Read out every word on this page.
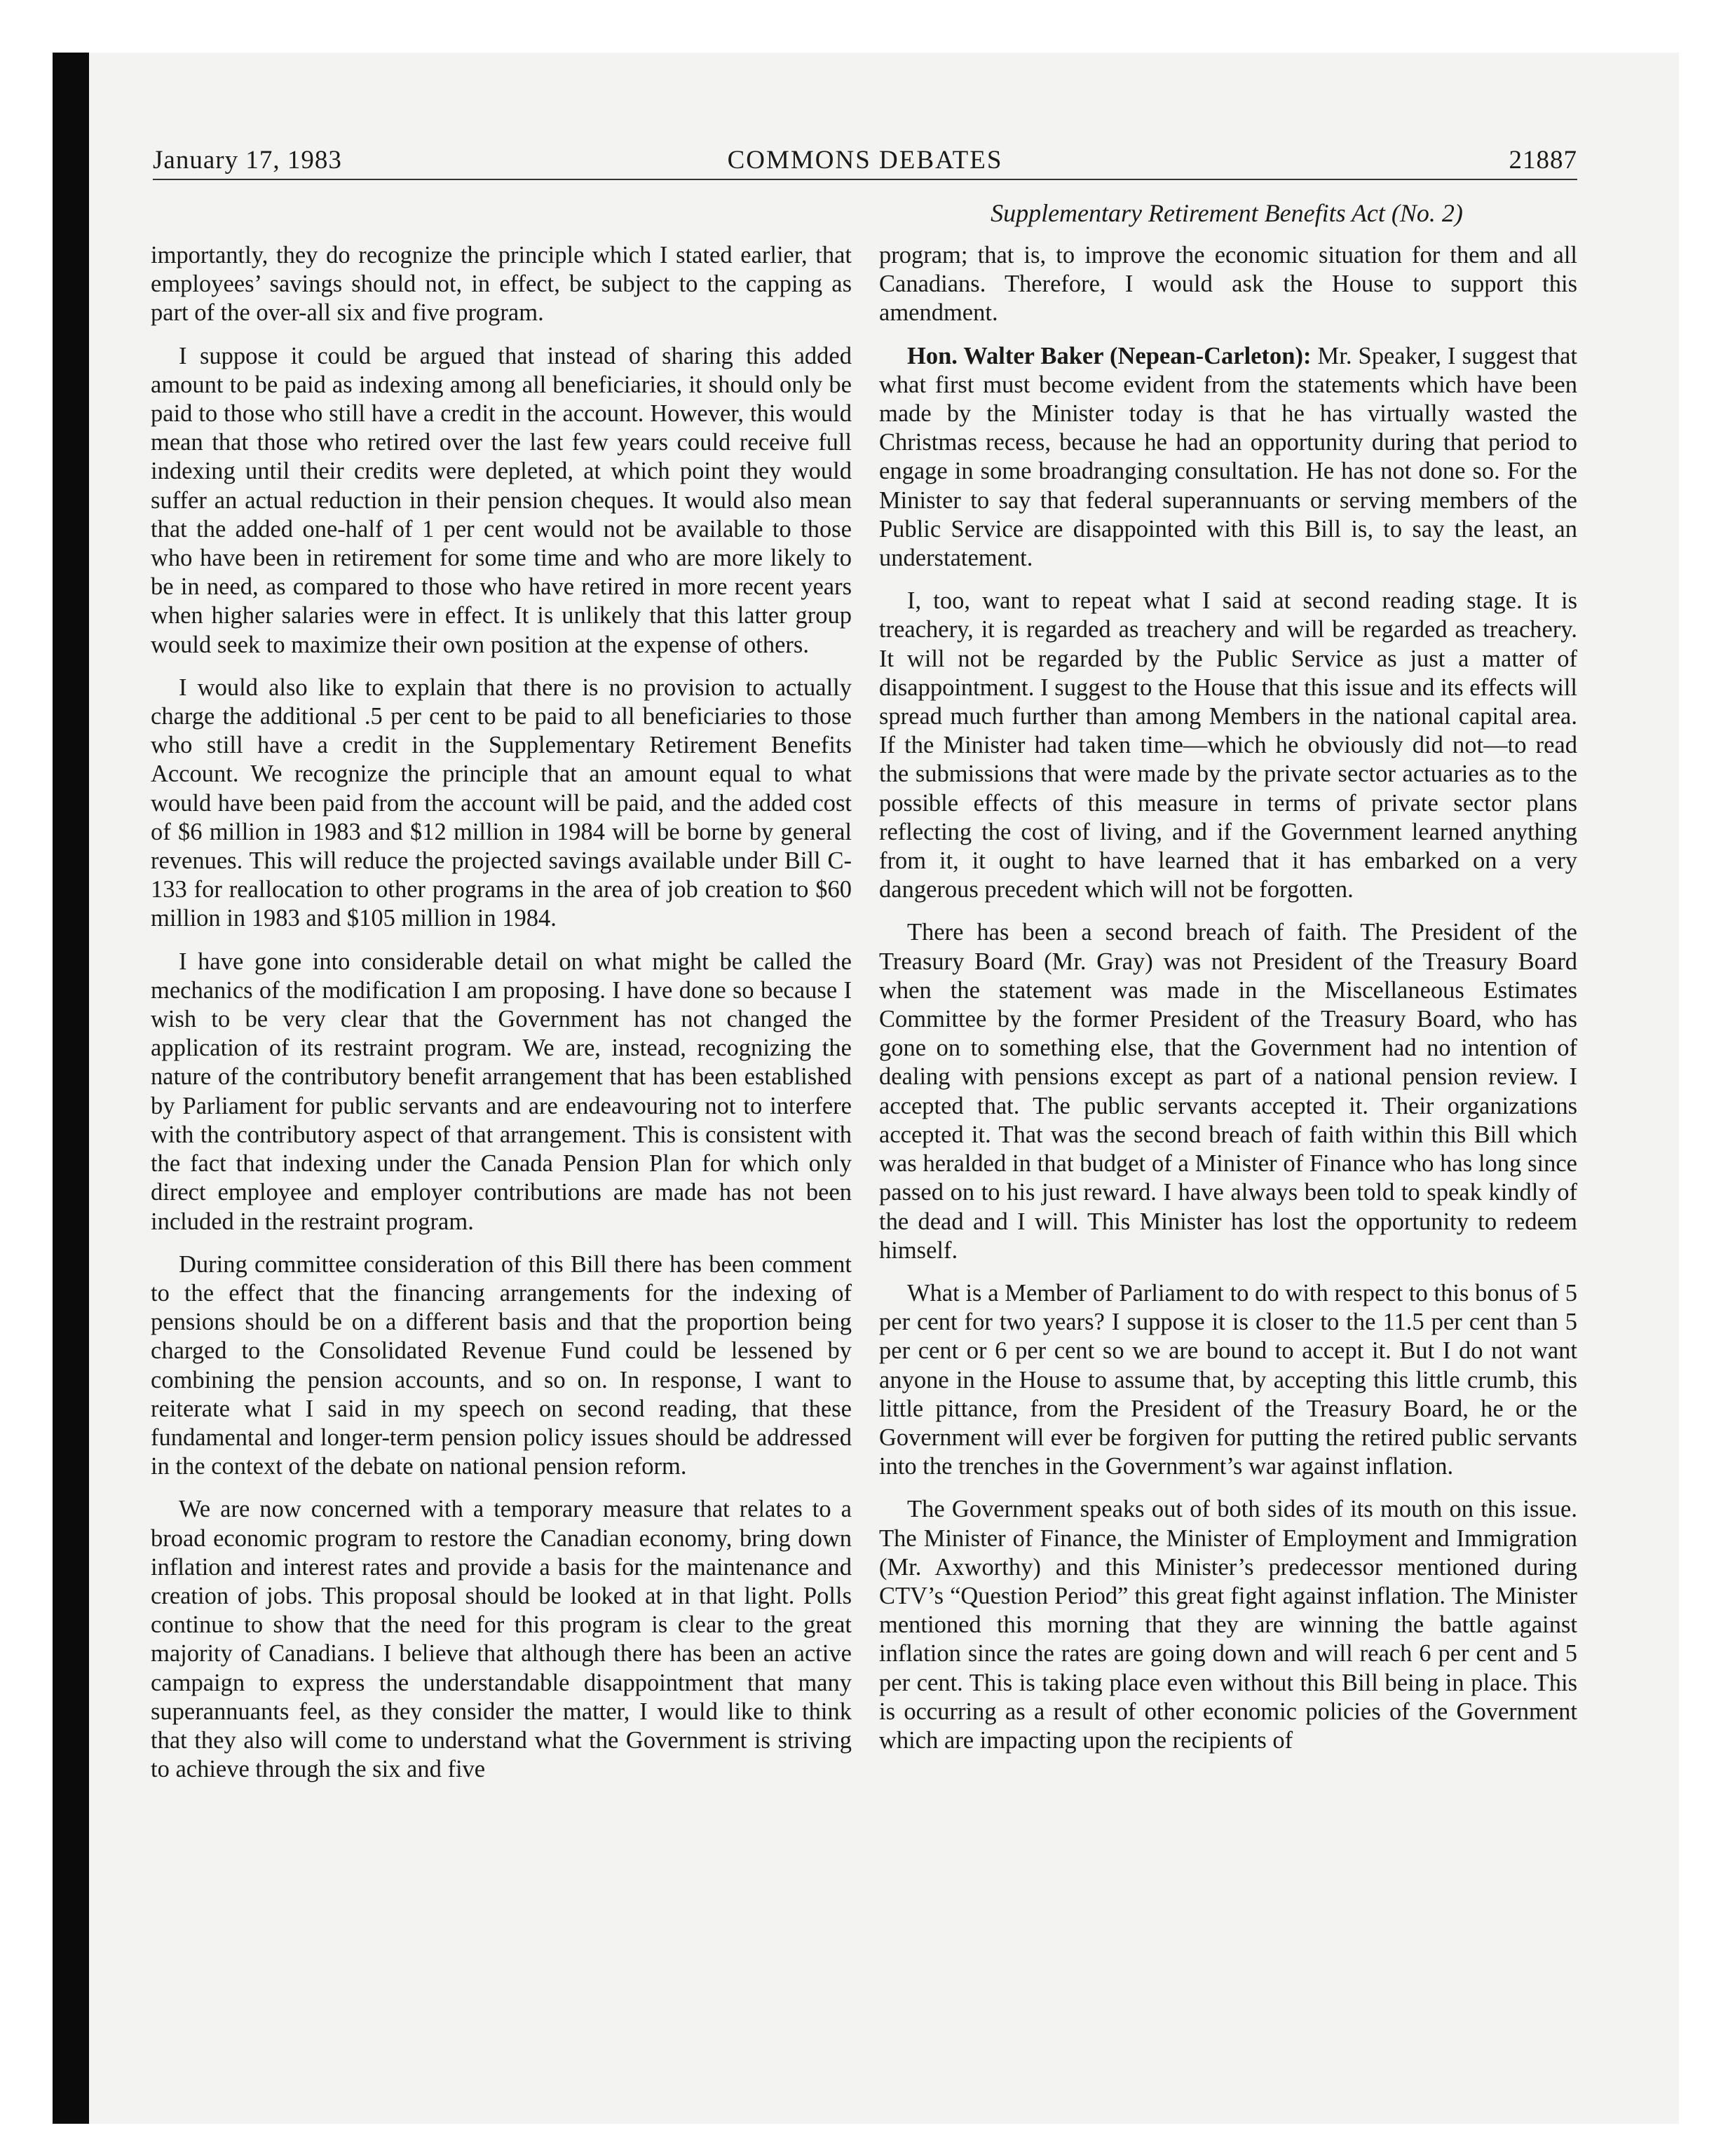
January 17, 1983	COMMONS DEBATES	21887
Supplementary Retirement Benefits Act (No. 2)

importantly, they do recognize the principle which I stated earlier, that employees’ savings should not, in effect, be subject to the capping as part of the over-all six and five program.

I suppose it could be argued that instead of sharing this added amount to be paid as indexing among all beneficiaries, it should only be paid to those who still have a credit in the account. However, this would mean that those who retired over the last few years could receive full indexing until their credits were depleted, at which point they would suffer an actual reduction in their pension cheques. It would also mean that the added one-half of 1 per cent would not be available to those who have been in retirement for some time and who are more likely to be in need, as compared to those who have retired in more recent years when higher salaries were in effect. It is unlikely that this latter group would seek to maximize their own position at the expense of others.

I would also like to explain that there is no provision to actually charge the additional .5 per cent to be paid to all beneficiaries to those who still have a credit in the Supplementary Retirement Benefits Account. We recognize the principle that an amount equal to what would have been paid from the account will be paid, and the added cost of $6 million in 1983 and $12 million in 1984 will be borne by general revenues. This will reduce the projected savings available under Bill C-133 for reallocation to other programs in the area of job creation to $60 million in 1983 and $105 million in 1984.

I have gone into considerable detail on what might be called the mechanics of the modification I am proposing. I have done so because I wish to be very clear that the Government has not changed the application of its restraint program. We are, instead, recognizing the nature of the contributory benefit arrangement that has been established by Parliament for public servants and are endeavouring not to interfere with the contributory aspect of that arrangement. This is consistent with the fact that indexing under the Canada Pension Plan for which only direct employee and employer contributions are made has not been included in the restraint program.

During committee consideration of this Bill there has been comment to the effect that the financing arrangements for the indexing of pensions should be on a different basis and that the proportion being charged to the Consolidated Revenue Fund could be lessened by combining the pension accounts, and so on. In response, I want to reiterate what I said in my speech on second reading, that these fundamental and longer-term pension policy issues should be addressed in the context of the debate on national pension reform.

We are now concerned with a temporary measure that relates to a broad economic program to restore the Canadian economy, bring down inflation and interest rates and provide a basis for the maintenance and creation of jobs. This proposal should be looked at in that light. Polls continue to show that the need for this program is clear to the great majority of Canadians. I believe that although there has been an active campaign to express the understandable disappointment that many superannuants feel, as they consider the matter, I would like to think that they also will come to understand what the Government is striving to achieve through the six and five

program; that is, to improve the economic situation for them and all Canadians. Therefore, I would ask the House to support this amendment.

Hon. Walter Baker (Nepean-Carleton): Mr. Speaker, I suggest that what first must become evident from the statements which have been made by the Minister today is that he has virtually wasted the Christmas recess, because he had an opportunity during that period to engage in some broadranging consultation. He has not done so. For the Minister to say that federal superannuants or serving members of the Public Service are disappointed with this Bill is, to say the least, an understatement.

I, too, want to repeat what I said at second reading stage. It is treachery, it is regarded as treachery and will be regarded as treachery. It will not be regarded by the Public Service as just a matter of disappointment. I suggest to the House that this issue and its effects will spread much further than among Members in the national capital area. If the Minister had taken time—which he obviously did not—to read the submissions that were made by the private sector actuaries as to the possible effects of this measure in terms of private sector plans reflecting the cost of living, and if the Government learned anything from it, it ought to have learned that it has embarked on a very dangerous precedent which will not be forgotten.

There has been a second breach of faith. The President of the Treasury Board (Mr. Gray) was not President of the Treasury Board when the statement was made in the Miscellaneous Estimates Committee by the former President of the Treasury Board, who has gone on to something else, that the Government had no intention of dealing with pensions except as part of a national pension review. I accepted that. The public servants accepted it. Their organizations accepted it. That was the second breach of faith within this Bill which was heralded in that budget of a Minister of Finance who has long since passed on to his just reward. I have always been told to speak kindly of the dead and I will. This Minister has lost the opportunity to redeem himself.

What is a Member of Parliament to do with respect to this bonus of 5 per cent for two years? I suppose it is closer to the 11.5 per cent than 5 per cent or 6 per cent so we are bound to accept it. But I do not want anyone in the House to assume that, by accepting this little crumb, this little pittance, from the President of the Treasury Board, he or the Government will ever be forgiven for putting the retired public servants into the trenches in the Government’s war against inflation.

The Government speaks out of both sides of its mouth on this issue. The Minister of Finance, the Minister of Employment and Immigration (Mr. Axworthy) and this Minister’s predecessor mentioned during CTV’s “Question Period” this great fight against inflation. The Minister mentioned this morning that they are winning the battle against inflation since the rates are going down and will reach 6 per cent and 5 per cent. This is taking place even without this Bill being in place. This is occurring as a result of other economic policies of the Government which are impacting upon the recipients of
